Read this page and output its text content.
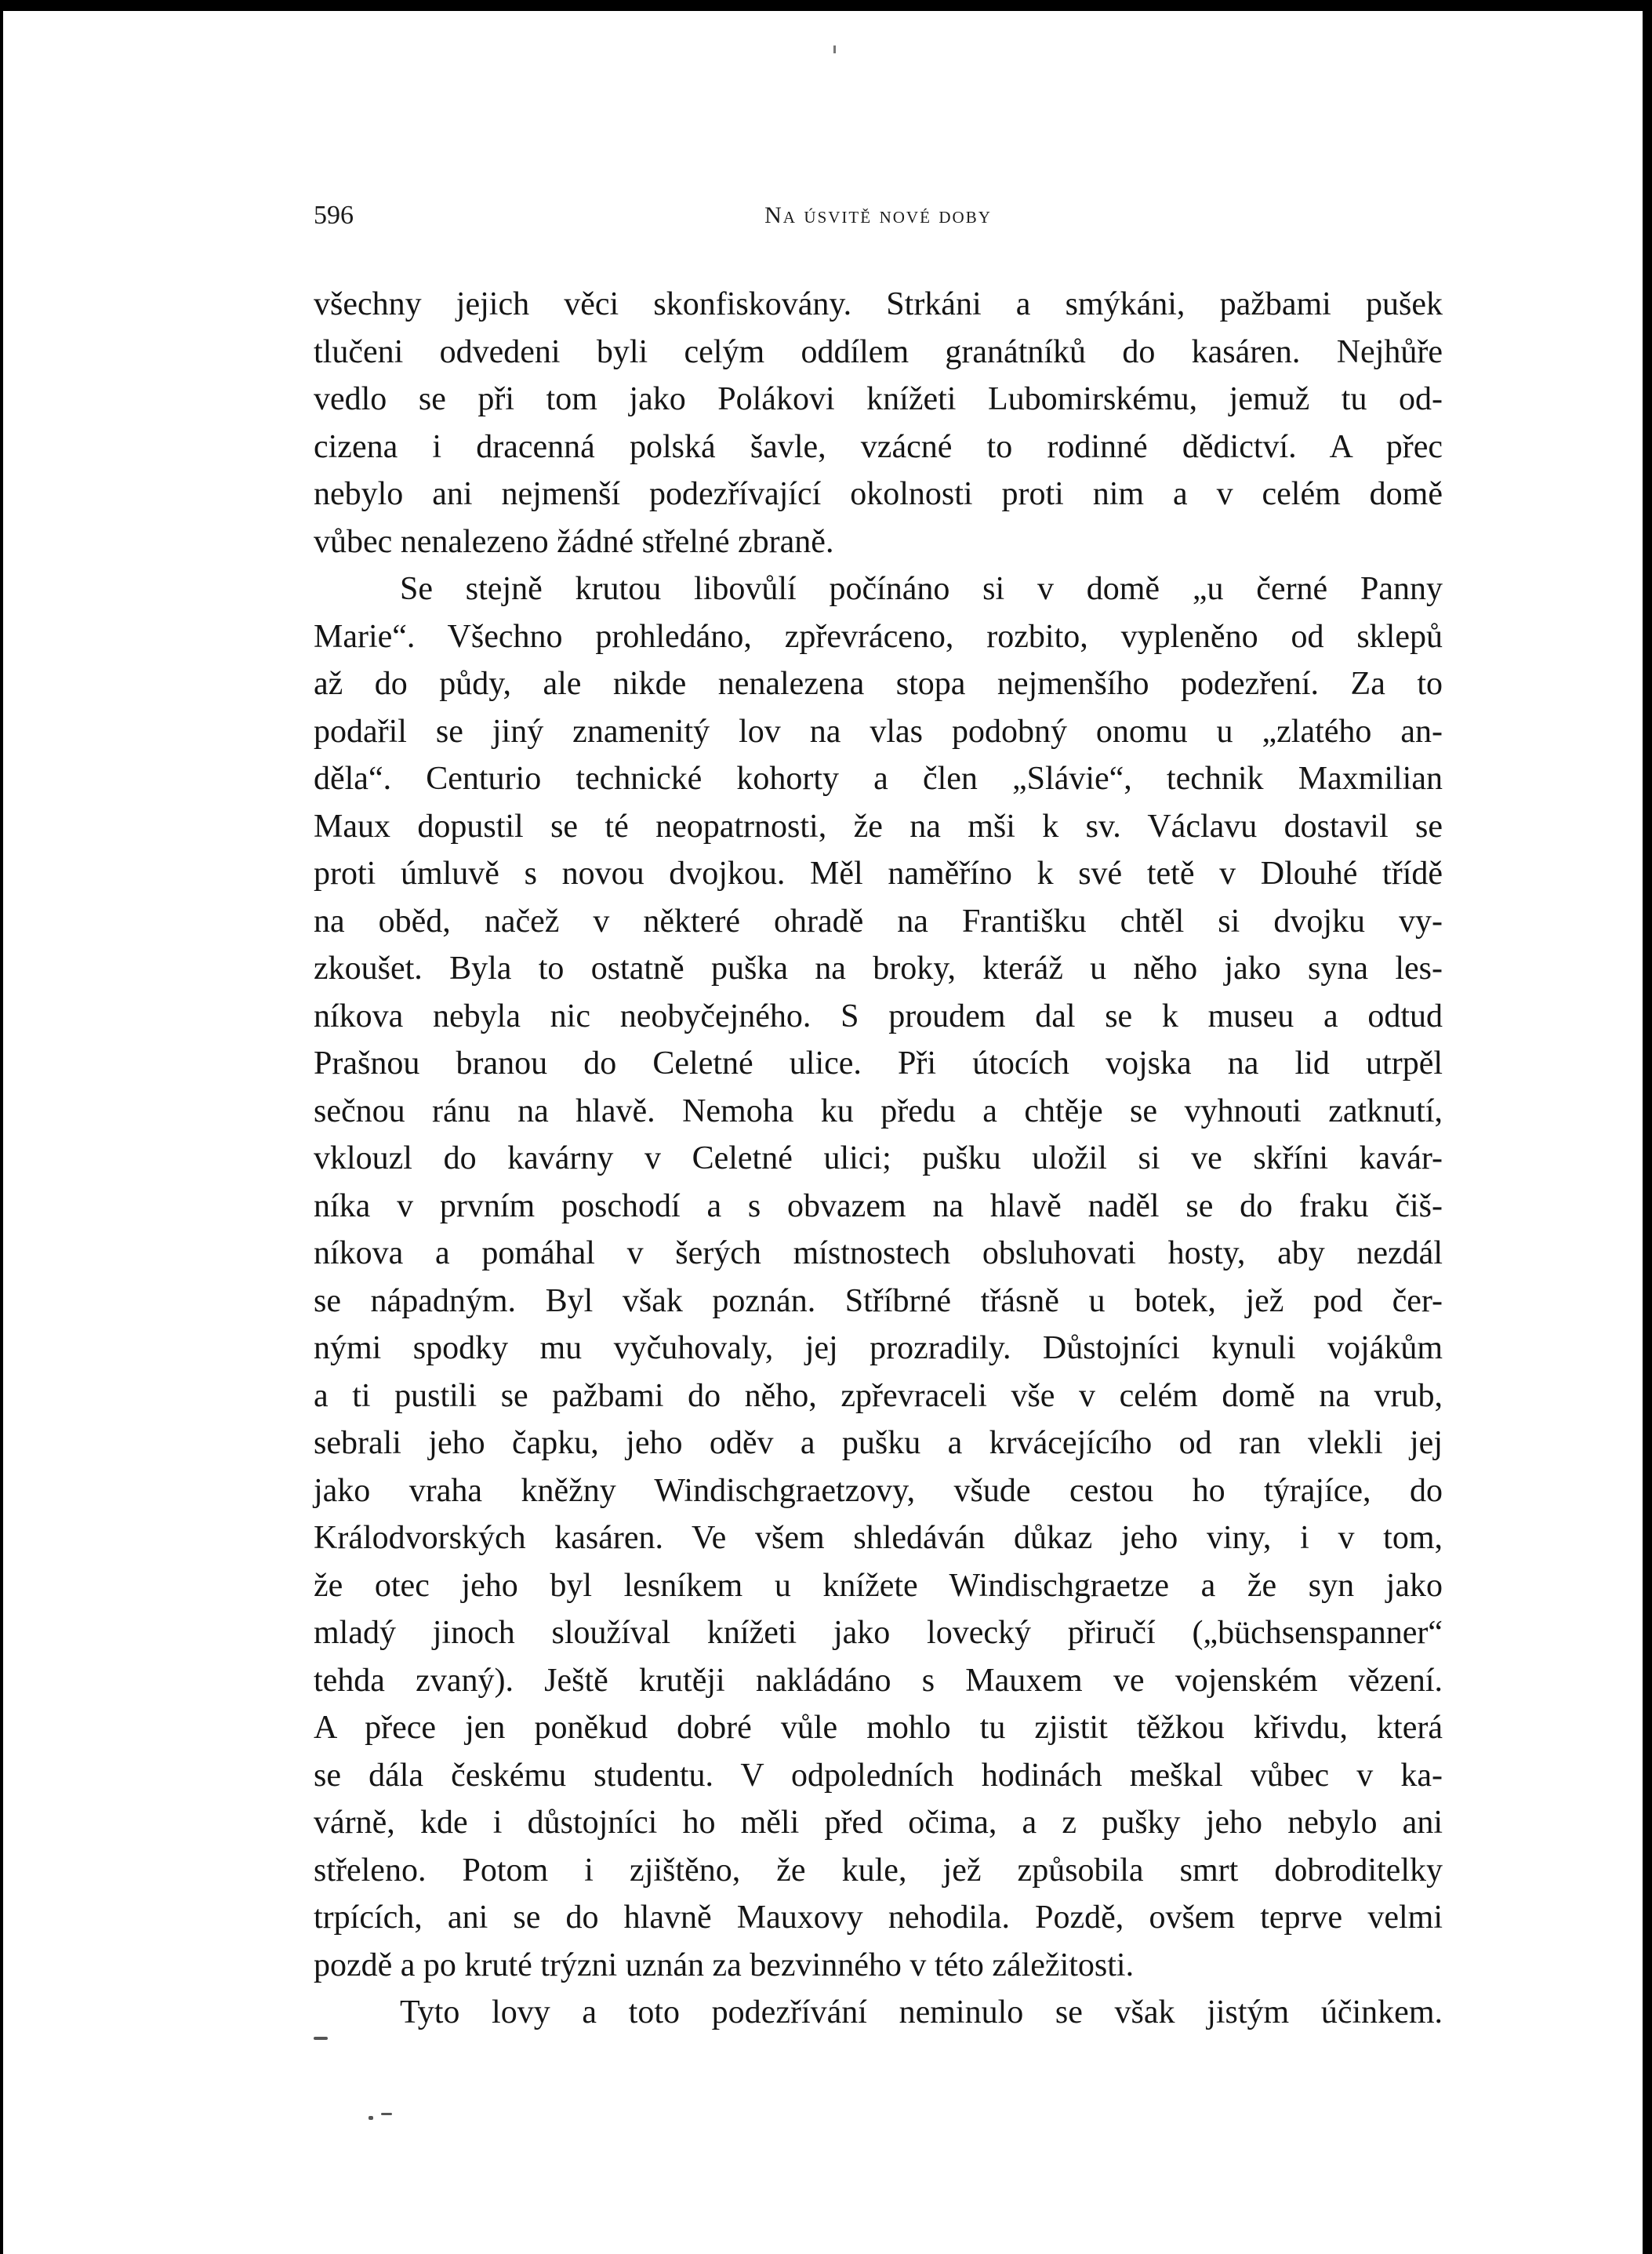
596	Na úsvitě nové doby
všechny jejich věci skonfiskovány. Strkáni a smýkáni, pažbami pušek
tlučeni odvedeni byli celým oddílem granátníků do kasáren. Nejhůře
vedlo se při tom jako Polákovi knížeti Lubomirskému, jemuž tu od-
cizena i dracenná polská šavle, vzácné to rodinné dědictví. A přec
nebylo ani nejmenší podezřívající okolnosti proti nim a v celém domě
vůbec nenalezeno žádné střelné zbraně.
Se stejně krutou libovůlí počínáno si v domě „u černé Panny
Marie“. Všechno prohledáno, zpřevráceno, rozbito, vypleněno od sklepů
až do půdy, ale nikde nenalezena stopa nejmenšího podezření. Za to
podařil se jiný znamenitý lov na vlas podobný onomu u „zlatého an-
děla“. Centurio technické kohorty a člen „Slávie“, technik Maxmilian
Maux dopustil se té neopatrnosti, že na mši k sv. Václavu dostavil se
proti úmluvě s novou dvojkou. Měl naměříno k své tetě v Dlouhé třídě
na oběd, načež v některé ohradě na Františku chtěl si dvojku vy-
zkoušet. Byla to ostatně puška na broky, kteráž u něho jako syna les-
níkova nebyla nic neobyčejného. S proudem dal se k museu a odtud
Prašnou branou do Celetné ulice. Při útocích vojska na lid utrpěl
sečnou ránu na hlavě. Nemoha ku předu a chtěje se vyhnouti zatknutí,
vklouzl do kavárny v Celetné ulici; pušku uložil si ve skříni kavár-
níka v prvním poschodí a s obvazem na hlavě naděl se do fraku čiš-
níkova a pomáhal v šerých místnostech obsluhovati hosty, aby nezdál
se nápadným. Byl však poznán. Stříbrné třásně u botek, jež pod čer-
nými spodky mu vyčuhovaly, jej prozradily. Důstojníci kynuli vojákům
a ti pustili se pažbami do něho, zpřevraceli vše v celém domě na vrub,
sebrali jeho čapku, jeho oděv a pušku a krvácejícího od ran vlekli jej
jako vraha kněžny Windischgraetzovy, všude cestou ho týrajíce, do
Králodvorských kasáren. Ve všem shledáván důkaz jeho viny, i v tom,
že otec jeho byl lesníkem u knížete Windischgraetze a že syn jako
mladý jinoch sloužíval knížeti jako lovecký přiručí („büchsenspanner“
tehda zvaný). Ještě krutěji nakládáno s Mauxem ve vojenském vězení.
A přece jen poněkud dobré vůle mohlo tu zjistit těžkou křivdu, která
se dála českému studentu. V odpoledních hodinách meškal vůbec v ka-
várně, kde i důstojníci ho měli před očima, a z pušky jeho nebylo ani
střeleno. Potom i zjištěno, že kule, jež způsobila smrt dobroditelky
trpících, ani se do hlavně Mauxovy nehodila. Pozdě, ovšem teprve velmi
pozdě a po kruté trýzni uznán za bezvinného v této záležitosti.
Tyto lovy a toto podezřívání neminulo se však jistým účinkem.
